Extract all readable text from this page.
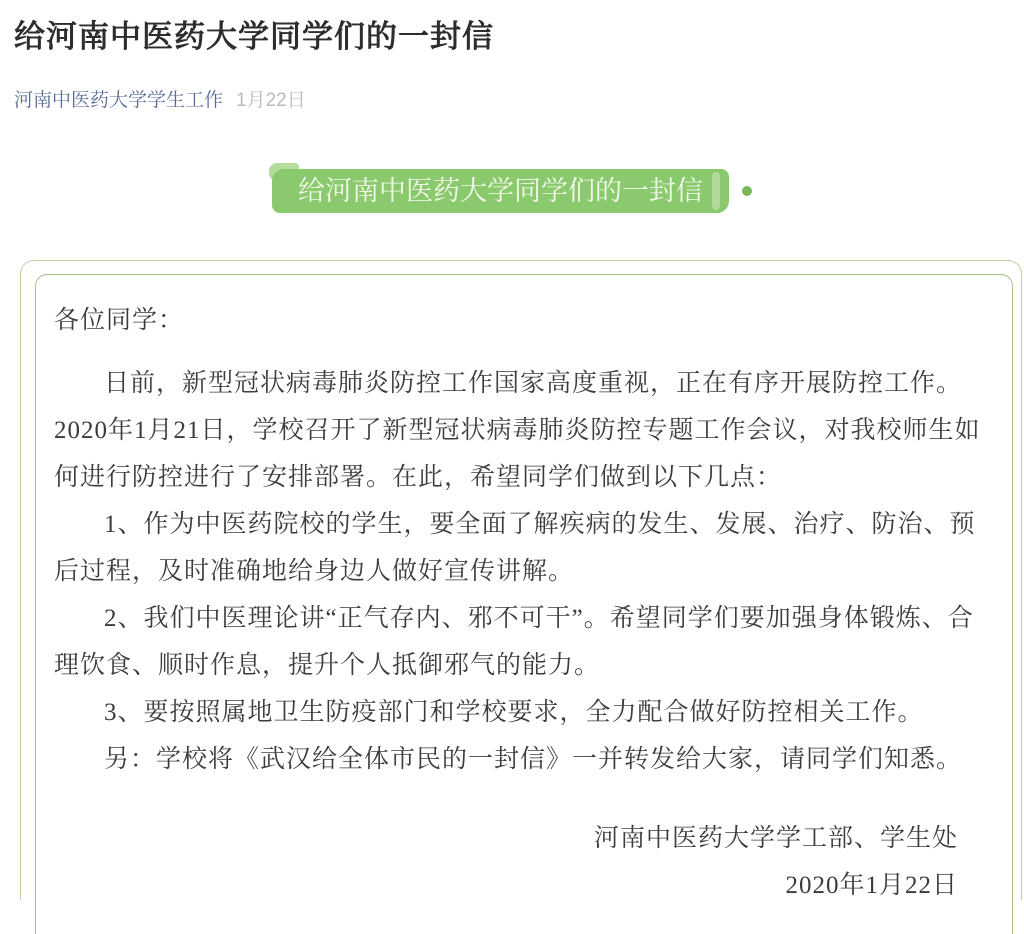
给河南中医药大学同学们的一封信
河南中医药大学学生工作 1月22日
给河南中医药大学同学们的一封信
各位同学：

日前，新型冠状病毒肺炎防控工作国家高度重视，正在有序开展防控工作。2020年1月21日，学校召开了新型冠状病毒肺炎防控专题工作会议，对我校师生如何进行防控进行了安排部署。在此，希望同学们做到以下几点：

1、作为中医药院校的学生，要全面了解疾病的发生、发展、治疗、防治、预后过程，及时准确地给身边人做好宣传讲解。

2、我们中医理论讲“正气存内、邪不可干”。希望同学们要加强身体锻炼、合理饮食、顺时作息，提升个人抵御邪气的能力。

3、要按照属地卫生防疫部门和学校要求，全力配合做好防控相关工作。

另：学校将《武汉给全体市民的一封信》一并转发给大家，请同学们知悉。

河南中医药大学学工部、学生处
2020年1月22日
